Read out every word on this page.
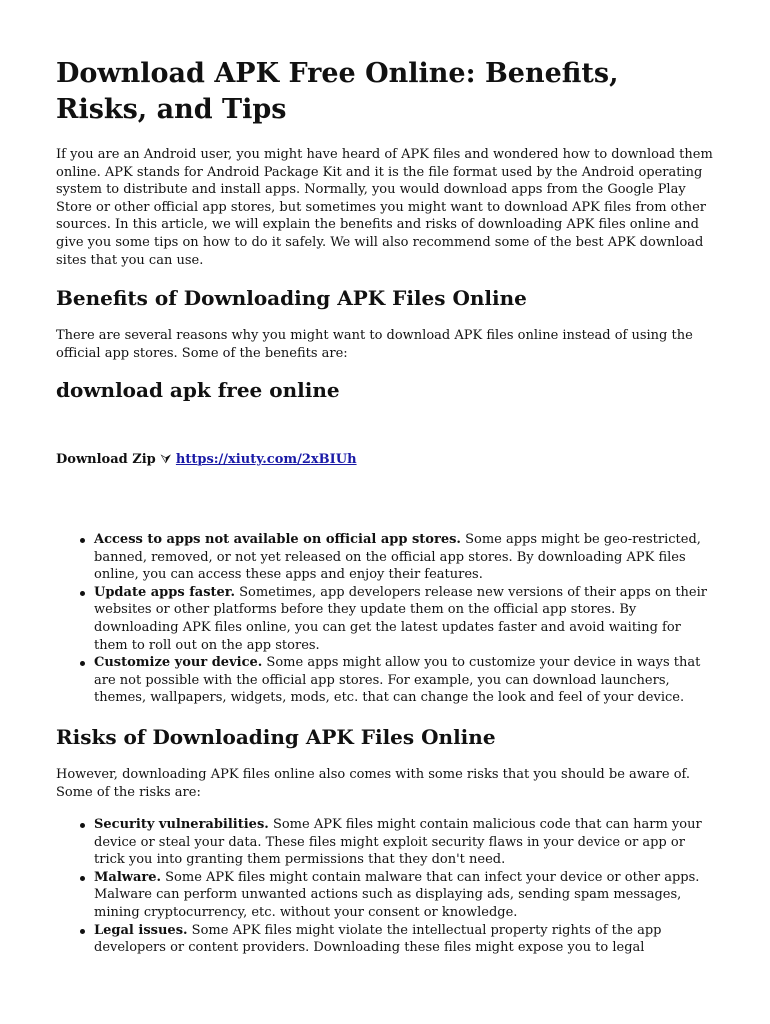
Download APK Free Online: Benefits, Risks, and Tips

If you are an Android user, you might have heard of APK files and wondered how to download them online. APK stands for Android Package Kit and it is the file format used by the Android operating system to distribute and install apps. Normally, you would download apps from the Google Play Store or other official app stores, but sometimes you might want to download APK files from other sources. In this article, we will explain the benefits and risks of downloading APK files online and give you some tips on how to do it safely. We will also recommend some of the best APK download sites that you can use.

Benefits of Downloading APK Files Online

There are several reasons why you might want to download APK files online instead of using the official app stores. Some of the benefits are:

download apk free online
Download Zip ⮛ https://xiuty.com/2xBIUh
Access to apps not available on official app stores. Some apps might be geo-restricted, banned, removed, or not yet released on the official app stores. By downloading APK files online, you can access these apps and enjoy their features.
Update apps faster. Sometimes, app developers release new versions of their apps on their websites or other platforms before they update them on the official app stores. By downloading APK files online, you can get the latest updates faster and avoid waiting for them to roll out on the app stores.
Customize your device. Some apps might allow you to customize your device in ways that are not possible with the official app stores. For example, you can download launchers, themes, wallpapers, widgets, mods, etc. that can change the look and feel of your device.
Risks of Downloading APK Files Online

However, downloading APK files online also comes with some risks that you should be aware of. Some of the risks are:

Security vulnerabilities. Some APK files might contain malicious code that can harm your device or steal your data. These files might exploit security flaws in your device or app or trick you into granting them permissions that they don't need.
Malware. Some APK files might contain malware that can infect your device or other apps. Malware can perform unwanted actions such as displaying ads, sending spam messages, mining cryptocurrency, etc. without your consent or knowledge.
Legal issues. Some APK files might violate the intellectual property rights of the app developers or content providers. Downloading these files might expose you to legal
